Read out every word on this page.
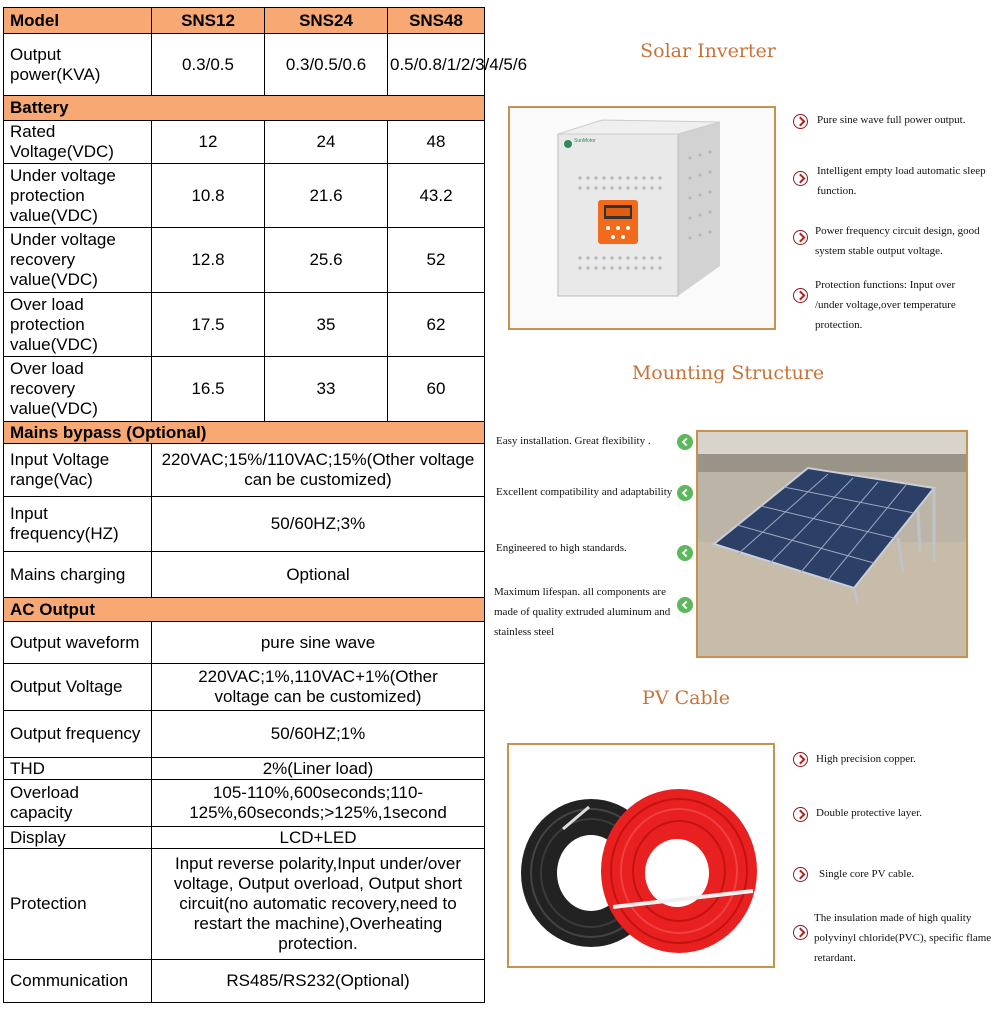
Model	SNS12	SNS24	SNS48
Output power(KVA)	0.3/0.5	0.3/0.5/0.6	0.5/0.8/1/2/3/4/5/6
Battery			
Rated Voltage(VDC)	12	24	48
Under voltage protection value(VDC)	10.8	21.6	43.2
Under voltage recovery value(VDC)	12.8	25.6	52
Over load protection value(VDC)	17.5	35	62
Over load recovery value(VDC)	16.5	33	60
Mains bypass (Optional)			
Input Voltage range(Vac)	220VAC;15%/110VAC;15%(Other voltage can be customized)		
Input frequency(HZ)	50/60HZ;3%		
Mains charging	Optional		
AC Output			
Output waveform	pure sine wave		
Output Voltage	220VAC;1%,110VAC+1%(Other voltage can be customized)		
Output frequency	50/60HZ;1%		
THD	2%(Liner load)		
Overload capacity	105-110%,600seconds;110-125%,60seconds;>125%,1second		
Display	LCD+LED		
Protection	Input reverse polarity,Input under/over voltage, Output overload, Output short circuit(no automatic recovery,need to restart the machine),Overheating protection.		
Communication	RS485/RS232(Optional)		
Solar Inverter
SunMotor
Pure sine wave full power output.
Intelligent empty load automatic sleep function.
Power frequency circuit design, good system stable output voltage.
Protection functions: Input over /under voltage,over temperature protection.
Mounting Structure
Easy installation. Great flexibility .
Excellent compatibility and adaptability
Engineered to high standards.
Maximum lifespan. all components are made of quality extruded aluminum and stainless steel
PV Cable
High precision copper.
Double protective layer.
Single core PV cable.
The insulation made of high quality polyvinyl chloride(PVC), specific flame retardant.
